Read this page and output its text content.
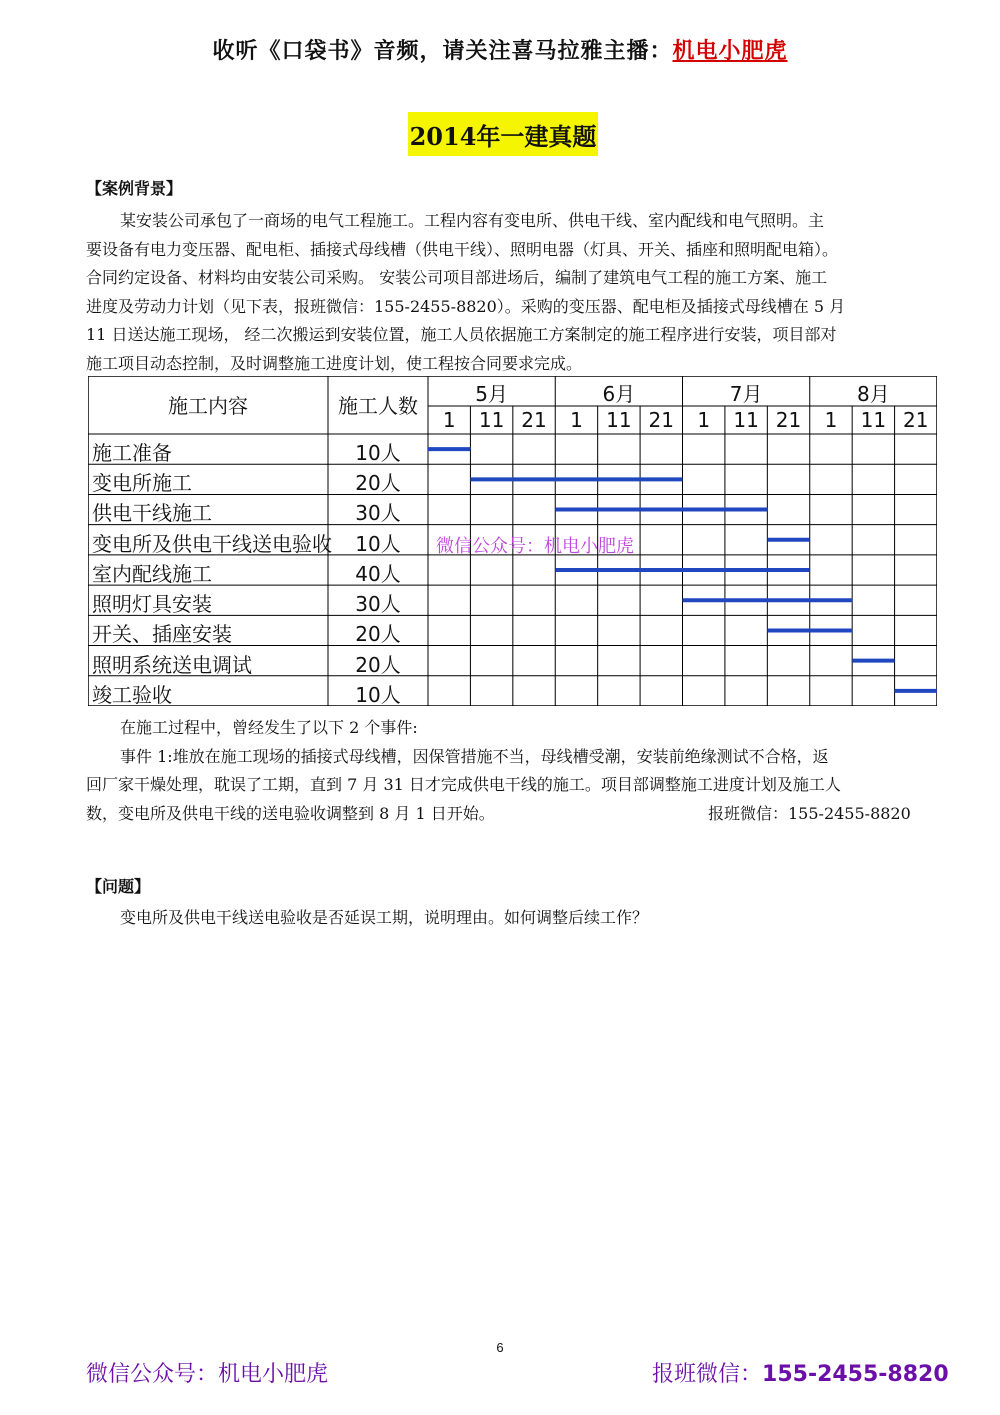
收听《口袋书》音频，请关注喜马拉雅主播：机电小肥虎
2014年一建真题
【案例背景】
某安装公司承包了一商场的电气工程施工。工程内容有变电所、供电干线、室内配线和电气照明。主
要设备有电力变压器、配电柜、插接式母线槽（供电干线）、照明电器（灯具、开关、插座和照明配电箱）。
合同约定设备、材料均由安装公司采购。 安装公司项目部进场后，编制了建筑电气工程的施工方案、施工
进度及劳动力计划（见下表，报班微信：155-2455-8820）。采购的变压器、配电柜及插接式母线槽在 5 月
11 日送达施工现场， 经二次搬运到安装位置，施工人员依据施工方案制定的施工程序进行安装，项目部对
施工项目动态控制，及时调整施工进度计划，使工程按合同要求完成。
施工内容	施工人数
微信公众号：机电小肥虎
5月
1	11 21
6月
1	11 21
7月
1	11 21
8月
1	11 21
施工准备	10人
变电所施工	20人
供电干线施工	30人
变电所及供电干线送电验收	10人
室内配线施工	40人
照明灯具安装	30人
开关、插座安装	20人
照明系统送电调试	20人
竣工验收	10人
在施工过程中，曾经发生了以下 2 个事件:
事件 1:堆放在施工现场的插接式母线槽，因保管措施不当，母线槽受潮，安装前绝缘测试不合格，返
回厂家干燥处理，耽误了工期，直到 7 月 31 日才完成供电干线的施工。项目部调整施工进度计划及施工人
数，变电所及供电干线的送电验收调整到 8 月 1 日开始。	报班微信：155-2455-8820
【问题】
变电所及供电干线送电验收是否延误工期，说明理由。如何调整后续工作？
6
微信公众号：机电小肥虎	报班微信：155-2455-8820
